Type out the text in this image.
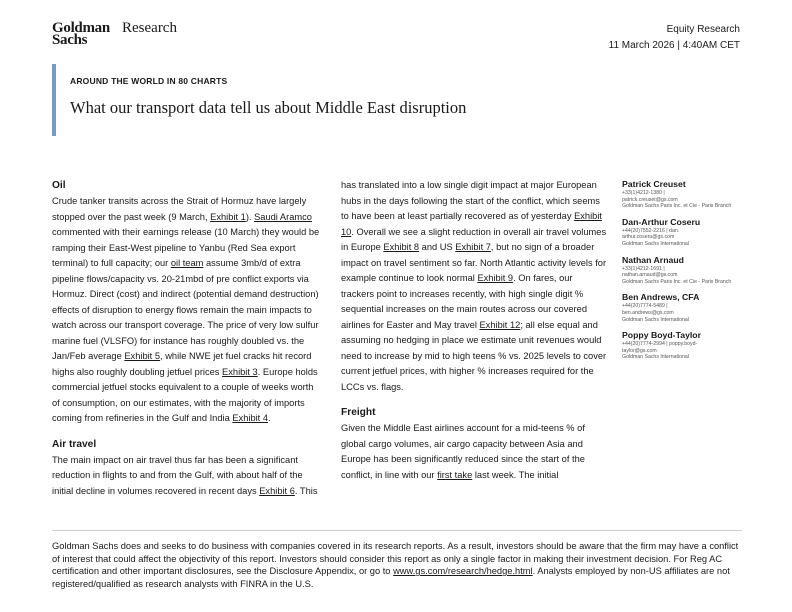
Goldman
Sachs
Research	Equity Research
11 March 2026 | 4:40AM CET
AROUND THE WORLD IN 80 CHARTS
What our transport data tell us about Middle East disruption
Oil

Crude tanker transits across the Strait of Hormuz have largely stopped over the past week (9 March, Exhibit 1). Saudi Aramco commented with their earnings release (10 March) they would be ramping their East-West pipeline to Yanbu (Red Sea export terminal) to full capacity; our oil team assume 3mb/d of extra pipeline flows/capacity vs. 20-21mbd of pre conflict exports via Hormuz. Direct (cost) and indirect (potential demand destruction) effects of disruption to energy flows remain the main impacts to watch across our transport coverage. The price of very low sulfur marine fuel (VLSFO) for instance has roughly doubled vs. the Jan/Feb average Exhibit 5, while NWE jet fuel cracks hit record highs also roughly doubling jetfuel prices Exhibit 3. Europe holds commercial jetfuel stocks equivalent to a couple of weeks worth of consumption, on our estimates, with the majority of imports coming from refineries in the Gulf and India Exhibit 4.

Air travel

The main impact on air travel thus far has been a significant reduction in flights to and from the Gulf, with about half of the initial decline in volumes recovered in recent days Exhibit 6. This

has translated into a low single digit impact at major European hubs in the days following the start of the conflict, which seems to have been at least partially recovered as of yesterday Exhibit 10. Overall we see a slight reduction in overall air travel volumes in Europe Exhibit 8 and US Exhibit 7, but no sign of a broader impact on travel sentiment so far. North Atlantic activity levels for example continue to look normal Exhibit 9. On fares, our trackers point to increases recently, with high single digit % sequential increases on the main routes across our covered airlines for Easter and May travel Exhibit 12; all else equal and assuming no hedging in place we estimate unit revenues would need to increase by mid to high teens % vs. 2025 levels to cover current jetfuel prices, with higher % increases required for the LCCs vs. flags.

Freight

Given the Middle East airlines account for a mid-teens % of global cargo volumes, air cargo capacity between Asia and Europe has been significantly reduced since the start of the conflict, in line with our first take last week. The initial

Patrick Creuset
+33(1)4212-1380 |
patrick.creuset@gs.com
Goldman Sachs Paris Inc. et Cie - Paris Branch
Dan-Arthur Coseru
+44(20)7552-2216 | dan.
arthur.coseru@gs.com
Goldman Sachs International
Nathan Arnaud
+33(1)4212-1691 |
nathan.arnaud@gs.com
Goldman Sachs Paris Inc. et Cie - Paris Branch
Ben Andrews, CFA
+44(20)7774-5489 |
ben.andrews@gs.com
Goldman Sachs International
Poppy Boyd-Taylor
+44(20)7774-2994 | poppy.boyd-
taylor@gs.com
Goldman Sachs International
Goldman Sachs does and seeks to do business with companies covered in its research reports. As a result, investors should be aware that the firm may have a conflict of interest that could affect the objectivity of this report. Investors should consider this report as only a single factor in making their investment decision. For Reg AC certification and other important disclosures, see the Disclosure Appendix, or go to www.gs.com/research/hedge.html. Analysts employed by non-US affiliates are not registered/qualified as research analysts with FINRA in the U.S.
